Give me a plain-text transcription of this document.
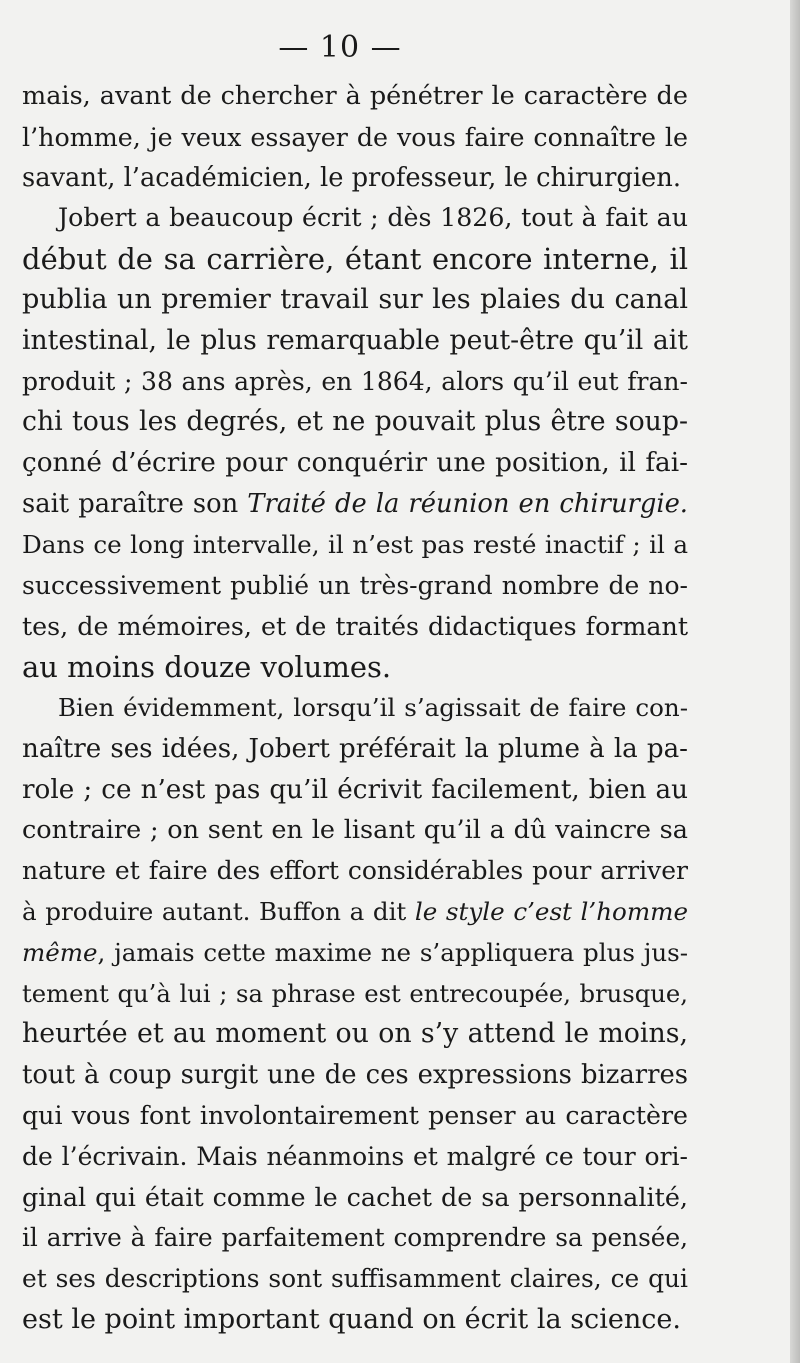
— 10 —
mais, avant de chercher à pénétrer le caractère de
l’homme, je veux essayer de vous faire connaître le
savant, l’académicien, le professeur, le chirurgien.
Jobert a beaucoup écrit ; dès 1826, tout à fait au
début de sa carrière, étant encore interne, il
publia un premier travail sur les plaies du canal
intestinal, le plus remarquable peut-être qu’il ait
produit ; 38 ans après, en 1864, alors qu’il eut fran-
chi tous les degrés, et ne pouvait plus être soup-
çonné d’écrire pour conquérir une position, il fai-
sait paraître son Traité de la réunion en chirurgie.
Dans ce long intervalle, il n’est pas resté inactif ; il a
successivement publié un très-grand nombre de no-
tes, de mémoires, et de traités didactiques formant
au moins douze volumes.
Bien évidemment, lorsqu’il s’agissait de faire con-
naître ses idées, Jobert préférait la plume à la pa-
role ; ce n’est pas qu’il écrivit facilement, bien au
contraire ; on sent en le lisant qu’il a dû vaincre sa
nature et faire des effort considérables pour arriver
à produire autant. Buffon a dit le style c’est l’homme
même, jamais cette maxime ne s’appliquera plus jus-
tement qu’à lui ; sa phrase est entrecoupée, brusque,
heurtée et au moment ou on s’y attend le moins,
tout à coup surgit une de ces expressions bizarres
qui vous font involontairement penser au caractère
de l’écrivain. Mais néanmoins et malgré ce tour ori-
ginal qui était comme le cachet de sa personnalité,
il arrive à faire parfaitement comprendre sa pensée,
et ses descriptions sont suffisamment claires, ce qui
est le point important quand on écrit la science.
